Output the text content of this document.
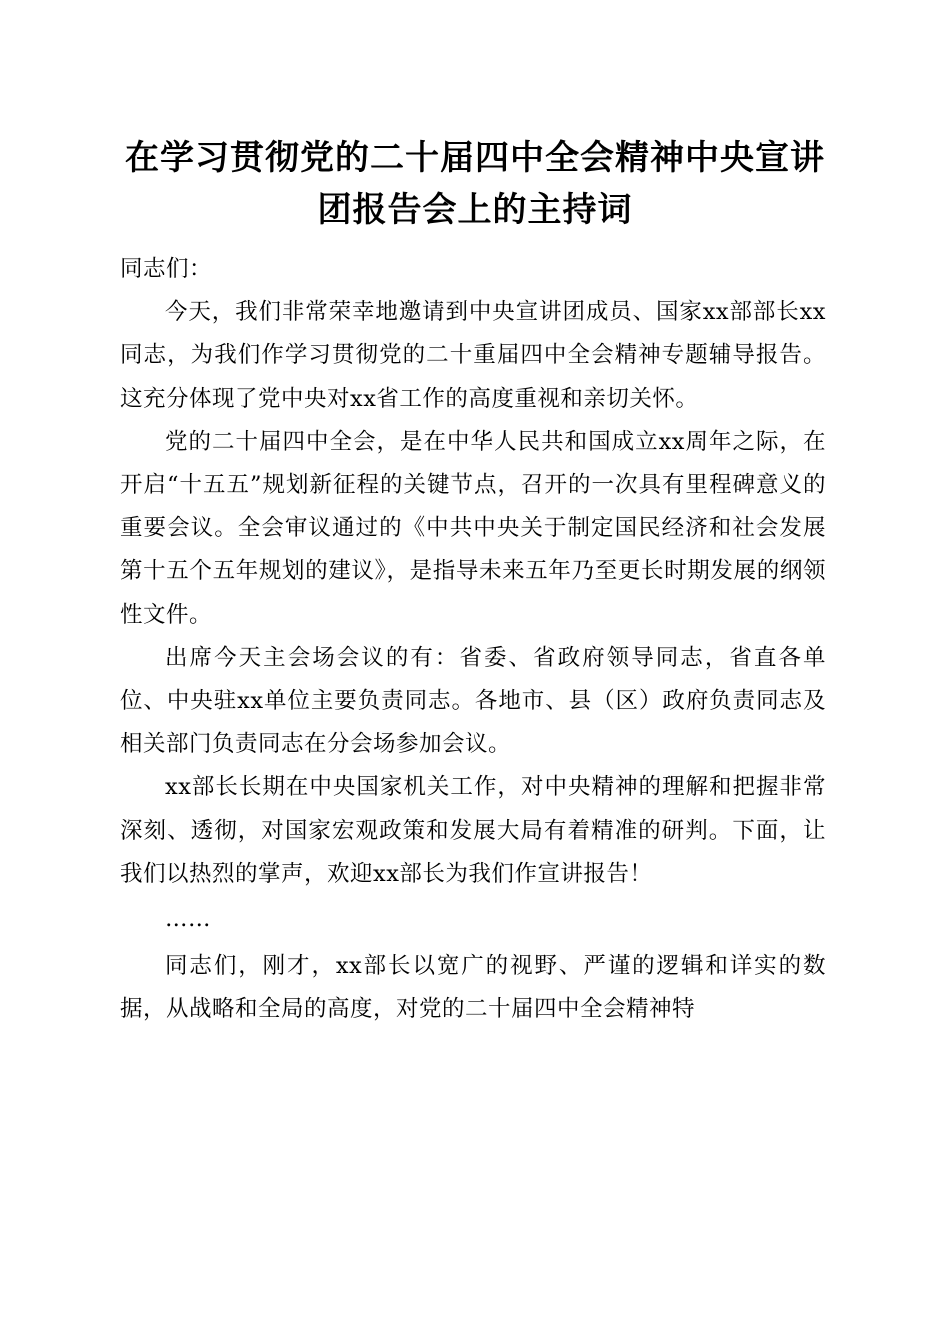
在学习贯彻党的二十届四中全会精神中央宣讲
团报告会上的主持词

同志们：

今天，我们非常荣幸地邀请到中央宣讲团成员、国家xx部部长xx同志，为我们作学习贯彻党的二十重届四中全会精神专题辅导报告。这充分体现了党中央对xx省工作的高度重视和亲切关怀。

党的二十届四中全会，是在中华人民共和国成立xx周年之际，在开启“十五五”规划新征程的关键节点，召开的一次具有里程碑意义的重要会议。全会审议通过的《中共中央关于制定国民经济和社会发展第十五个五年规划的建议》，是指导未来五年乃至更长时期发展的纲领性文件。

出席今天主会场会议的有：省委、省政府领导同志，省直各单位、中央驻xx单位主要负责同志。各地市、县（区）政府负责同志及相关部门负责同志在分会场参加会议。

xx部长长期在中央国家机关工作，对中央精神的理解和把握非常深刻、透彻，对国家宏观政策和发展大局有着精准的研判。下面，让我们以热烈的掌声，欢迎xx部长为我们作宣讲报告！

……

同志们，刚才，xx部长以宽广的视野、严谨的逻辑和详实的数据，从战略和全局的高度，对党的二十届四中全会精神特
